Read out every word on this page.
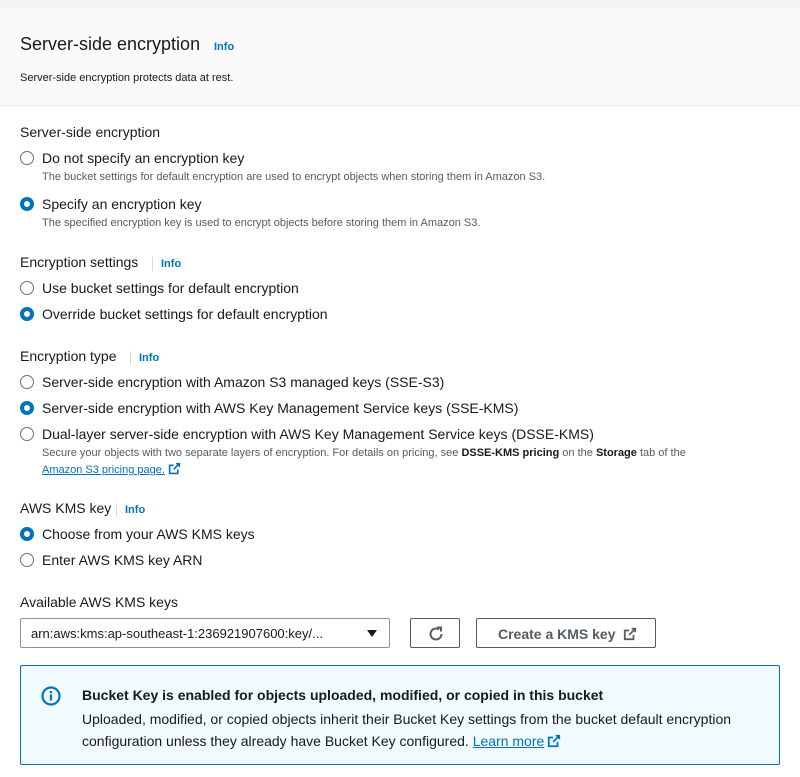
Server-side encryption Info
Server-side encryption protects data at rest.
Server-side encryption
Do not specify an encryption key
The bucket settings for default encryption are used to encrypt objects when storing them in Amazon S3.
Specify an encryption key
The specified encryption key is used to encrypt objects before storing them in Amazon S3.
Encryption settings	Info
Use bucket settings for default encryption
Override bucket settings for default encryption
Encryption type	Info
Server-side encryption with Amazon S3 managed keys (SSE-S3)
Server-side encryption with AWS Key Management Service keys (SSE-KMS)
Dual-layer server-side encryption with AWS Key Management Service keys (DSSE-KMS)
Secure your objects with two separate layers of encryption. For details on pricing, see DSSE-KMS pricing on the Storage tab of the
Amazon S3 pricing page.
AWS KMS key	Info
Choose from your AWS KMS keys
Enter AWS KMS key ARN
Available AWS KMS keys
arn:aws:kms:ap-southeast-1:236921907600:key/...	Create a KMS key
Bucket Key is enabled for objects uploaded, modified, or copied in this bucket
Uploaded, modified, or copied objects inherit their Bucket Key settings from the bucket default encryption configuration unless they already have Bucket Key configured. Learn more
